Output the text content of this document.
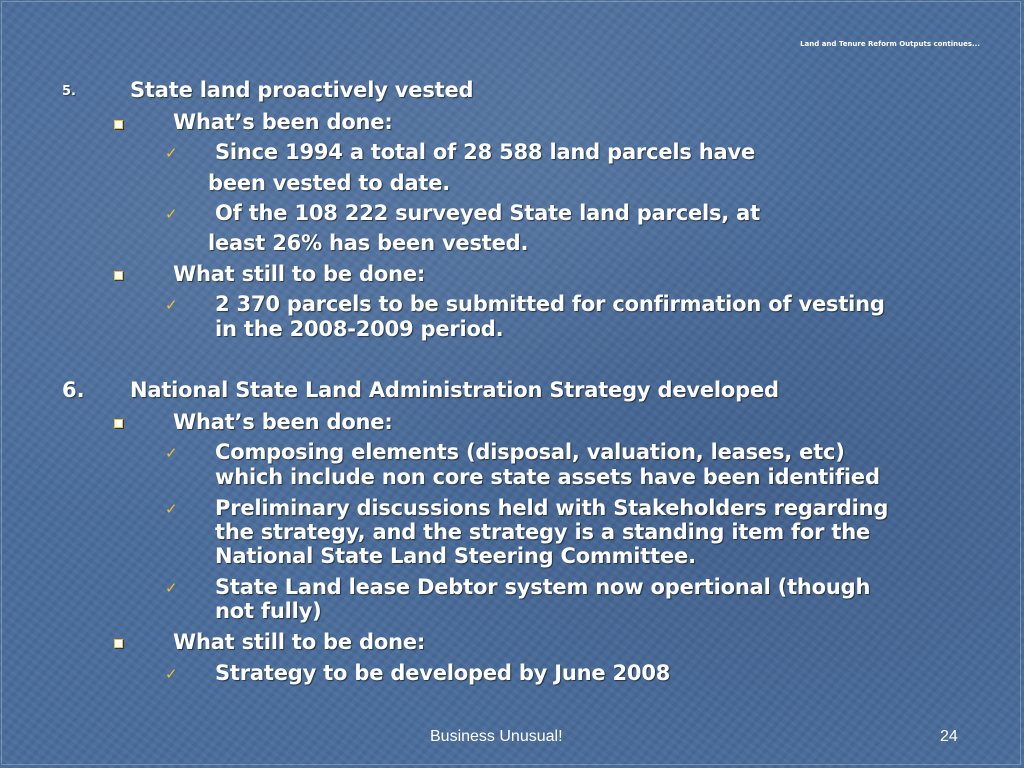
Land and Tenure Reform Outputs continues...
5.	State land proactively vested
What’s been done:
✓ Since 1994 a total of 28 588 land parcels have
been vested to date.
✓ Of the 108 222 surveyed State land parcels, at
least 26% has been vested.
What still to be done:
✓ 2 370 parcels to be submitted for confirmation of vesting
in the 2008-2009 period.
6. National State Land Administration Strategy developed
What’s been done:
✓ Composing elements (disposal, valuation, leases, etc)
which include non core state assets have been identified
✓ Preliminary discussions held with Stakeholders regarding
the strategy, and the strategy is a standing item for the
National State Land Steering Committee.
✓ State Land lease Debtor system now opertional (though
not fully)
What still to be done:
✓ Strategy to be developed by June 2008
Business Unusual!	24
